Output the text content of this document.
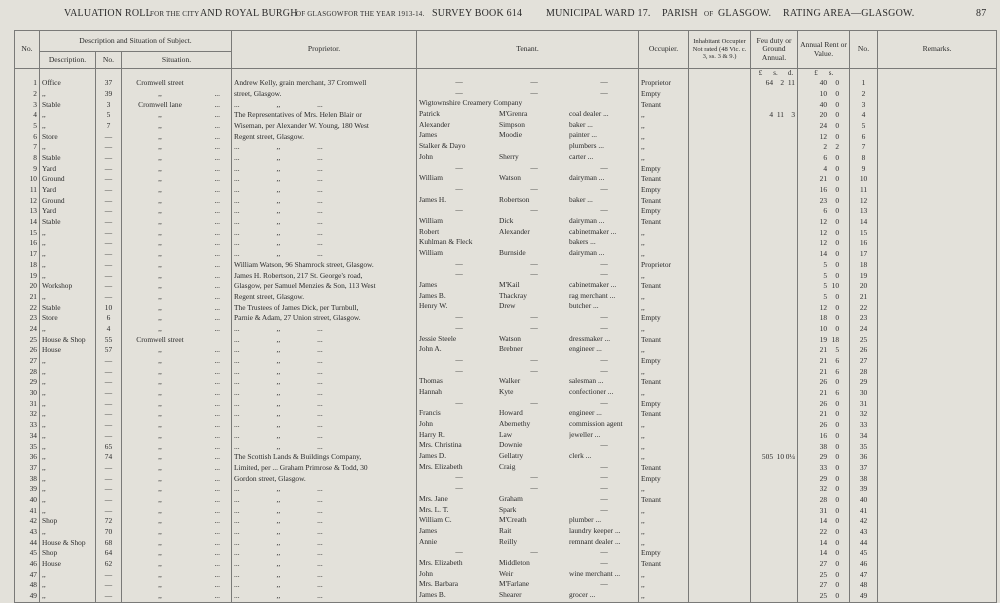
VALUATION ROLL
FOR THE CITY AND ROYAL BURGH
OF GLASGOW FOR THE YEAR 1913-14. SURVEY BOOK 614 MUNICIPAL WARD 17. PARISH OF GLASGOW. RATING AREA—GLASGOW.	87
No.	Description and Situation of Subject.			Proprietor.	Tenant.	Occupier.	Inhabitant Occupier Not rated (48 Vic. c. 3, ss. 3 & 9.)	Feu duty or Ground Annual.	Annual Rent or Value.	No.	Remarks.
	Description.	No.	Situation.								
								£ s. d.	£ s.		
1	Office	37	Cromwell street	Andrew Kelly, grain merchant, 37 Cromwell	— — —	Proprietor		64 2 11	40 0	1	
2	,,	39	,, ...	street, Glasgow.	— — —	Empty			10 0	2	
3	Stable	3	Cromwell lane ...	...                    ,,                    ...	Wigtownshire Creamery Company	Tenant			40 0	3	
4	,,	5	,, ...	The Representatives of Mrs. Helen Blair or	Patrick M'Grenra coal dealer ...	,,		4 11 3	20 0	4	
5	,,	7	,, ...	Wiseman, per Alexander W. Young, 180 West	Alexander Simpson baker ...	,,			24 0	5	
6	Store	—	,, ...	Regent street, Glasgow.	James Moodie painter ...	,,			12 0	6	
7	,,	—	,, ...	...                    ,,                    ...	Stalker & Dayo plumbers ...	,,			2 2	7	
8	Stable	—	,, ...	...                    ,,                    ...	John Sherry carter ...	,,			6 0	8	
9	Yard	—	,, ...	...                    ,,                    ...	— — —	Empty			4 0	9	
10	Ground	—	,, ...	...                    ,,                    ...	William Watson dairyman ...	Tenant			21 0	10	
11	Yard	—	,, ...	...                    ,,                    ...	— — —	Empty			16 0	11	
12	Ground	—	,, ...	...                    ,,                    ...	James H. Robertson baker ...	Tenant			23 0	12	
13	Yard	—	,, ...	...                    ,,                    ...	— — —	Empty			6 0	13	
14	Stable	—	,, ...	...                    ,,                    ...	William Dick dairyman ...	Tenant			12 0	14	
15	,,	—	,, ...	...                    ,,                    ...	Robert Alexander cabinetmaker ...	,,			12 0	15	
16	,,	—	,, ...	...                    ,,                    ...	Kuhlman & Fleck bakers ...	,,			12 0	16	
17	,,	—	,, ...	...                    ,,                    ...	William Burnside dairyman ...	,,			14 0	17	
18	,,	—	,, ...	William Watson, 96 Shamrock street, Glasgow.	— — —	Proprietor			5 0	18	
19	,,	—	,, ...	James H. Robertson, 217 St. George's road,	— — —	,,			5 0	19	
20	Workshop	—	,, ...	Glasgow, per Samuel Menzies & Son, 113 West	James M'Kail cabinetmaker ...	Tenant			5 10	20	
21	,,	—	,, ...	Regent street, Glasgow.	James B. Thackray rag merchant ...	,,			5 0	21	
22	Stable	10	,, ...	The Trustees of James Dick, per Turnbull,	Henry W. Drew butcher ...	,,			12 0	22	
23	Store	6	,, ...	Parnie & Adam, 27 Union street, Glasgow.	— — —	Empty			18 0	23	
24	,,	4	,, ...	...                    ,,                    ...	— — —	,,			10 0	24	
25	House & Shop	55	Cromwell street	...                    ,,                    ...	Jessie Steele Watson dressmaker ...	Tenant			19 18	25	
26	House	57	,, ...	...                    ,,                    ...	John A. Brebner engineer ...	,,			21 5	26	
27	,,	—	,, ...	...                    ,,                    ...	— — —	Empty			21 6	27	
28	,,	—	,, ...	...                    ,,                    ...	— — —	,,			21 6	28	
29	,,	—	,, ...	...                    ,,                    ...	Thomas Walker salesman ...	Tenant			26 0	29	
30	,,	—	,, ...	...                    ,,                    ...	Hannah Kyte confectioner ...	,,			21 6	30	
31	,,	—	,, ...	...                    ,,                    ...	— — —	Empty			26 0	31	
32	,,	—	,, ...	...                    ,,                    ...	Francis Howard engineer ...	Tenant			21 0	32	
33	,,	—	,, ...	...                    ,,                    ...	John Abernethy commission agent	,,			26 0	33	
34	,,	—	,, ...	...                    ,,                    ...	Harry R. Law jeweller ...	,,			16 0	34	
35	,,	65	,, ...	...                    ,,                    ...	Mrs. Christina Downie —	,,			38 0	35	
36	,,	74	,, ...	The Scottish Lands & Buildings Company,	James D. Gellatry clerk ...	,,		505 10 0¼	29 0	36	
37	,,	—	,, ...	Limited, per ... Graham Primrose & Todd, 30	Mrs. Elizabeth Craig —	Tenant			33 0	37	
38	,,	—	,, ...	Gordon street, Glasgow.	— — —	Empty			29 0	38	
39	,,	—	,, ...	...                    ,,                    ...	— — —	,,			32 0	39	
40	,,	—	,, ...	...                    ,,                    ...	Mrs. Jane Graham —	Tenant			28 0	40	
41	,,	—	,, ...	...                    ,,                    ...	Mrs. L. T. Spark —	,,			31 0	41	
42	Shop	72	,, ...	...                    ,,                    ...	William C. M'Creath plumber ...	,,			14 0	42	
43	,,	70	,, ...	...                    ,,                    ...	James Rait laundry keeper ...	,,			22 0	43	
44	House & Shop	68	,, ...	...                    ,,                    ...	Annie Reilly remnant dealer ...	,,			14 0	44	
45	Shop	64	,, ...	...                    ,,                    ...	— — —	Empty			14 0	45	
46	House	62	,, ...	...                    ,,                    ...	Mrs. Elizabeth Middleton —	Tenant			27 0	46	
47	,,	—	,, ...	...                    ,,                    ...	John Weir wine merchant ...	,,			25 0	47	
48	,,	—	,, ...	...                    ,,                    ...	Mrs. Barbara M'Farlane —	,,			27 0	48	
49	,,	—	,, ...	...                    ,,                    ...	James B. Shearer grocer ...	,,			25 0	49	
